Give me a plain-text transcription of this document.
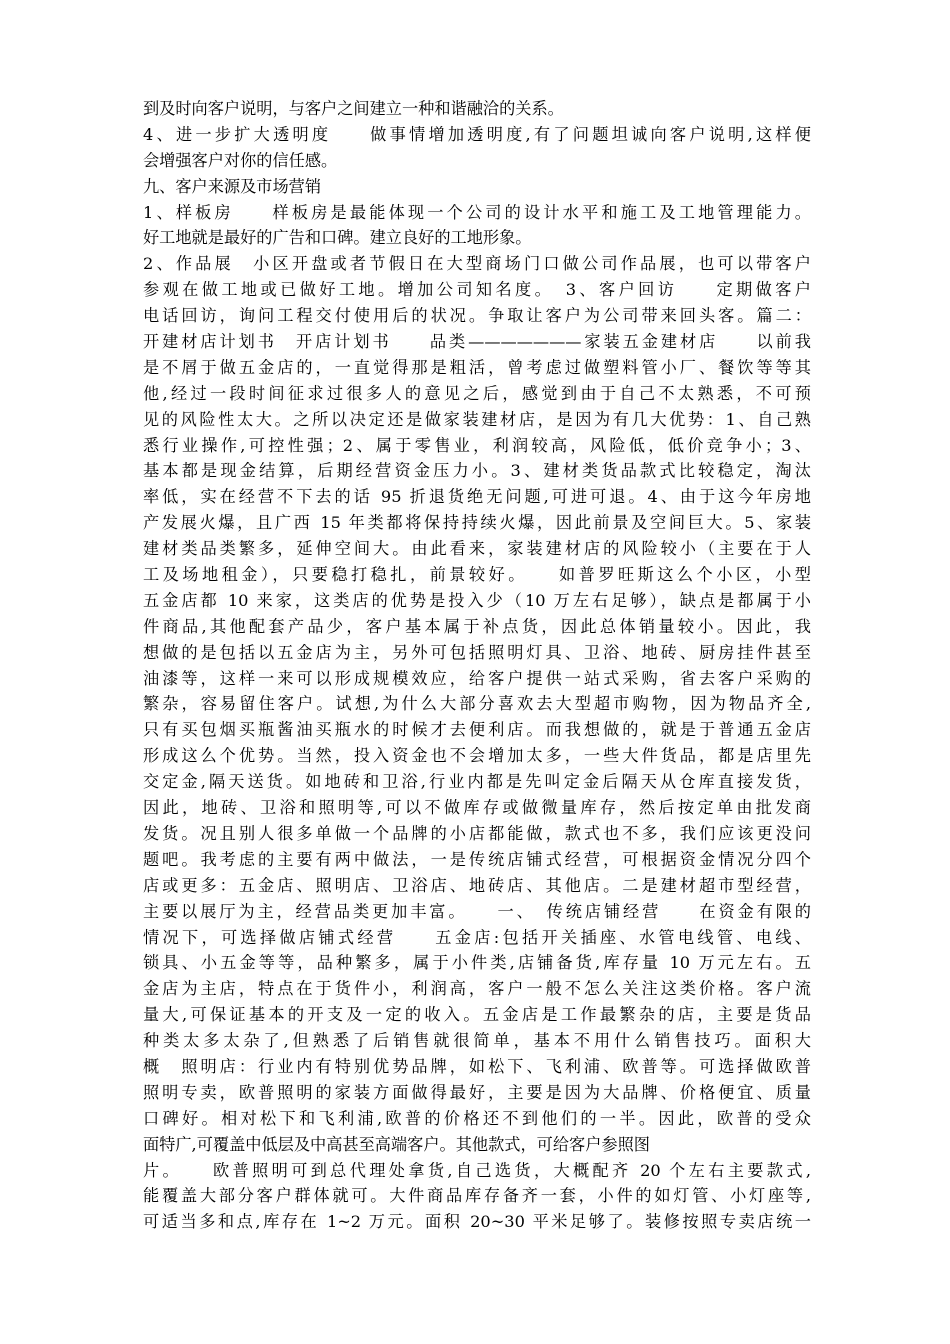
到及时向客户说明，与客户之间建立一种和谐融洽的关系。
4、进一步扩大透明度　　做事情增加透明度,有了问题坦诚向客户说明,这样便
会增强客户对你的信任感。
九、客户来源及市场营销
1、样板房　　样板房是最能体现一个公司的设计水平和施工及工地管理能力。
好工地就是最好的广告和口碑。建立良好的工地形象。
2、作品展　小区开盘或者节假日在大型商场门口做公司作品展，也可以带客户
参观在做工地或已做好工地。增加公司知名度。　3、客户回访　　定期做客户
电话回访，询问工程交付使用后的状况。争取让客户为公司带来回头客。篇二：
开建材店计划书　开店计划书　　品类———————家装五金建材店　　以前我
是不屑于做五金店的，一直觉得那是粗活，曾考虑过做塑料管小厂、餐饮等等其
他,经过一段时间征求过很多人的意见之后，感觉到由于自己不太熟悉，不可预
见的风险性太大。之所以决定还是做家装建材店，是因为有几大优势：1、自己熟
悉行业操作,可控性强；2、属于零售业，利润较高，风险低，低价竞争小；3、
基本都是现金结算，后期经营资金压力小。3、建材类货品款式比较稳定，淘汰
率低，实在经营不下去的话 95 折退货绝无问题,可进可退。4、由于这今年房地
产发展火爆，且广西 15 年类都将保持持续火爆，因此前景及空间巨大。5、家装
建材类品类繁多，延伸空间大。由此看来，家装建材店的风险较小（主要在于人
工及场地租金），只要稳打稳扎，前景较好。　　如普罗旺斯这么个小区，小型
五金店都 10 来家，这类店的优势是投入少（10 万左右足够），缺点是都属于小
件商品,其他配套产品少，客户基本属于补点货，因此总体销量较小。因此，我
想做的是包括以五金店为主，另外可包括照明灯具、卫浴、地砖、厨房挂件甚至
油漆等，这样一来可以形成规模效应，给客户提供一站式采购，省去客户采购的
繁杂，容易留住客户。试想,为什么大部分喜欢去大型超市购物，因为物品齐全,
只有买包烟买瓶酱油买瓶水的时候才去便利店。而我想做的，就是于普通五金店
形成这么个优势。当然，投入资金也不会增加太多，一些大件货品，都是店里先
交定金,隔天送货。如地砖和卫浴,行业内都是先叫定金后隔天从仓库直接发货，
因此，地砖、卫浴和照明等,可以不做库存或做微量库存，然后按定单由批发商
发货。况且别人很多单做一个品牌的小店都能做，款式也不多，我们应该更没问
题吧。我考虑的主要有两中做法，一是传统店铺式经营，可根据资金情况分四个
店或更多：五金店、照明店、卫浴店、地砖店、其他店。二是建材超市型经营，
主要以展厅为主，经营品类更加丰富。　　一、　传统店铺经营　　在资金有限的
情况下，可选择做店铺式经营　　五金店:包括开关插座、水管电线管、电线、
锁具、小五金等等，品种繁多，属于小件类,店铺备货,库存量 10 万元左右。五
金店为主店，特点在于货件小，利润高，客户一般不怎么关注这类价格。客户流
量大,可保证基本的开支及一定的收入。五金店是工作最繁杂的店，主要是货品
种类太多太杂了,但熟悉了后销售就很简单，基本不用什么销售技巧。面积大
概　照明店：行业内有特别优势品牌，如松下、飞利浦、欧普等。可选择做欧普
照明专卖，欧普照明的家装方面做得最好，主要是因为大品牌、价格便宜、质量
口碑好。相对松下和飞利浦,欧普的价格还不到他们的一半。因此，欧普的受众
面特广,可覆盖中低层及中高甚至高端客户。其他款式，可给客户参照图
片。　　欧普照明可到总代理处拿货,自己选货，大概配齐 20 个左右主要款式,
能覆盖大部分客户群体就可。大件商品库存备齐一套，小件的如灯管、小灯座等,
可适当多和点,库存在 1~2 万元。面积 20~30 平米足够了。装修按照专卖店统一
